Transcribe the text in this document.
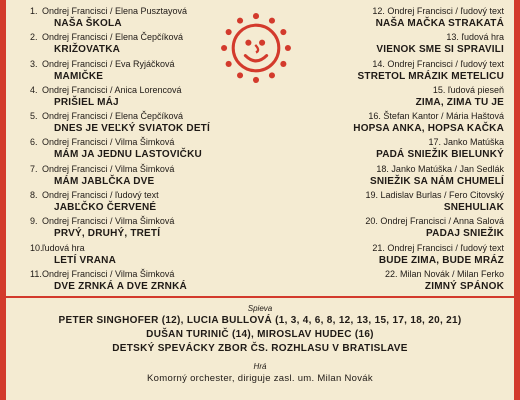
1. Ondrej Francisci / Elena Pusztayová
NAŠA ŠKOLA
2. Ondrej Francisci / Elena Čepčíková
KRIŽOVATKA
3. Ondrej Francisci / Eva Ryjáčková
MAMIČKE
4. Ondrej Francisci / Anica Lorencová
PRIŠIEL MÁJ
5. Ondrej Francisci / Elena Čepčíková
DNES JE VEĽKÝ SVIATOK DETÍ
6. Ondrej Francisci / Vilma Šimková
MÁM JA JEDNU LASTOVIČKU
7. Ondrej Francisci / Vilma Šimková
MÁM JABLČKA DVE
8. Ondrej Francisci / ľudový text
JABĽČKO ČERVENÉ
9. Ondrej Francisci / Vilma Šimková
PRVÝ, DRUHÝ, TRETÍ
10. ľudová hra
LETÍ VRANA
11. Ondrej Francisci / Vilma Šimková
DVE ZRNKÁ A DVE ZRNKÁ
12. Ondrej Francisci / ľudový text
NAŠA MAČKA STRAKATÁ
13. ľudová hra
VIENOK SME SI SPRAVILI
14. Ondrej Francisci / ľudový text
STRETOL MRÁZIK METELICU
15. ľudová pieseň
ZIMA, ZIMA TU JE
16. Štefan Kantor / Mária Haštová
HOPSA ANKA, HOPSA KAČKA
17. Janko Matúška
PADÁ SNIEŽIK BIELUNKÝ
18. Janko Matúška / Jan Sedlák
SNIEŽIK SA NÁM CHUMELÍ
19. Ladislav Burlas / Fero Citovský
SNEHULIAK
20. Ondrej Francisci / Anna Salová
PADAJ SNIEŽIK
21. Ondrej Francisci / ľudový text
BUDE ZIMA, BUDE MRÁZ
22. Milan Novák / Milan Ferko
ZIMNÝ SPÁNOK
Spieva
PETER SINGHOFER (12), LUCIA BULLOVÁ (1, 3, 4, 6, 8, 12, 13, 15, 17, 18, 20, 21)
DUŠAN TURINIČ (14), MIROSLAV HUDEC (16)
DETSKÝ SPEVÁCKY ZBOR ČS. ROZHLASU V BRATISLAVE
Hrá
Komorný orchester, diriguje zasl. um. Milan Novák
